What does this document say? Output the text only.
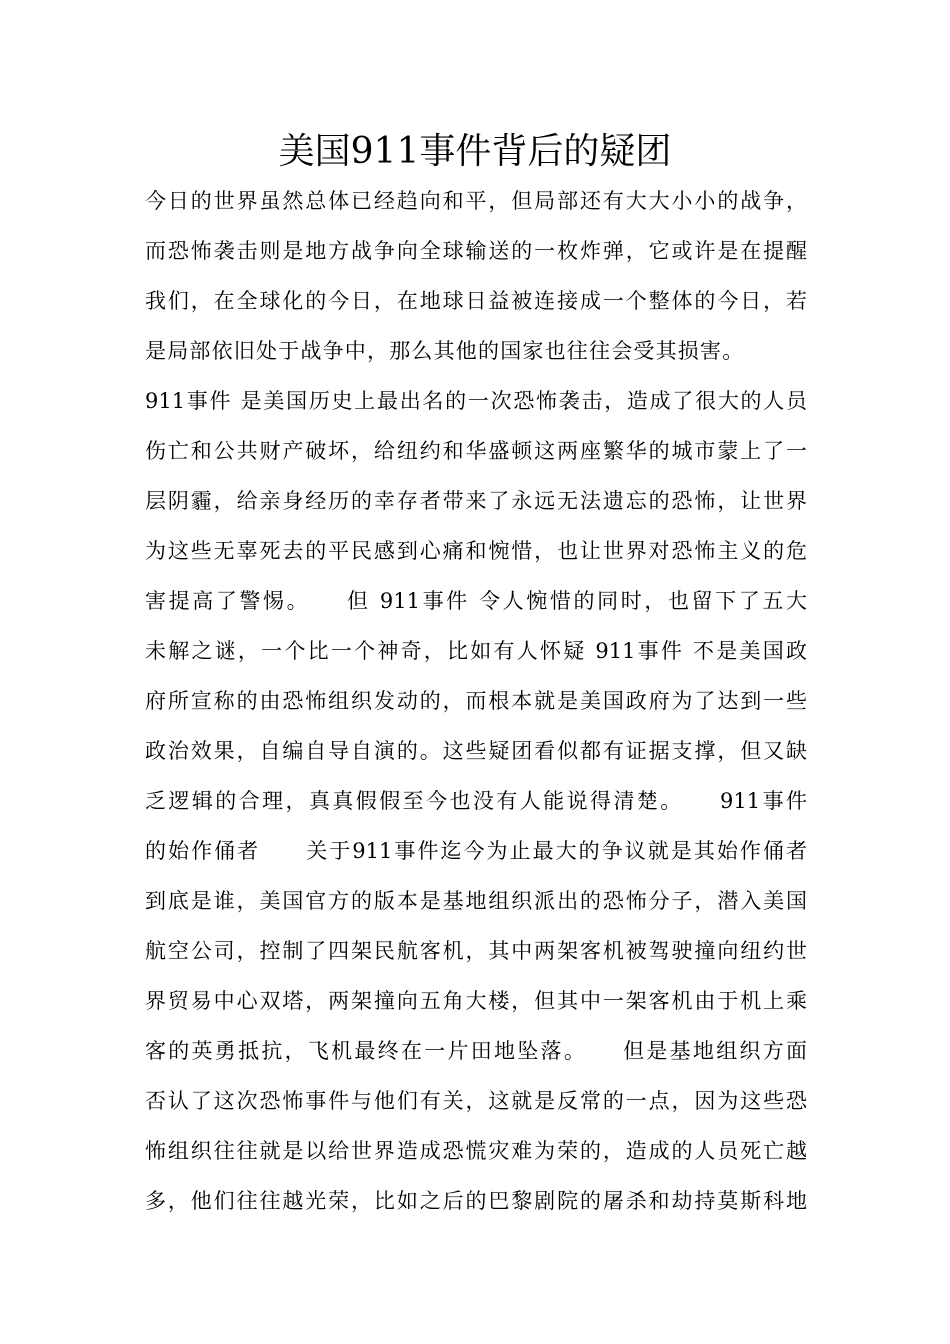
美国911事件背后的疑团
今日的世界虽然总体已经趋向和平，但局部还有大大小小的战争，
而恐怖袭击则是地方战争向全球输送的一枚炸弹，它或许是在提醒
我们，在全球化的今日，在地球日益被连接成一个整体的今日，若
是局部依旧处于战争中，那么其他的国家也往往会受其损害。
911事件 是美国历史上最出名的一次恐怖袭击，造成了很大的人员
伤亡和公共财产破坏，给纽约和华盛顿这两座繁华的城市蒙上了一
层阴霾，给亲身经历的幸存者带来了永远无法遗忘的恐怖，让世界
为这些无辜死去的平民感到心痛和惋惜，也让世界对恐怖主义的危
害提高了警惕。　　但 911事件 令人惋惜的同时，也留下了五大
未解之谜，一个比一个神奇，比如有人怀疑 911事件 不是美国政
府所宣称的由恐怖组织发动的，而根本就是美国政府为了达到一些
政治效果，自编自导自演的。这些疑团看似都有证据支撑，但又缺
乏逻辑的合理，真真假假至今也没有人能说得清楚。　　911事件
的始作俑者　　关于911事件迄今为止最大的争议就是其始作俑者
到底是谁，美国官方的版本是基地组织派出的恐怖分子，潜入美国
航空公司，控制了四架民航客机，其中两架客机被驾驶撞向纽约世
界贸易中心双塔，两架撞向五角大楼，但其中一架客机由于机上乘
客的英勇抵抗，飞机最终在一片田地坠落。　　但是基地组织方面
否认了这次恐怖事件与他们有关，这就是反常的一点，因为这些恐
怖组织往往就是以给世界造成恐慌灾难为荣的，造成的人员死亡越
多，他们往往越光荣，比如之后的巴黎剧院的屠杀和劫持莫斯科地
